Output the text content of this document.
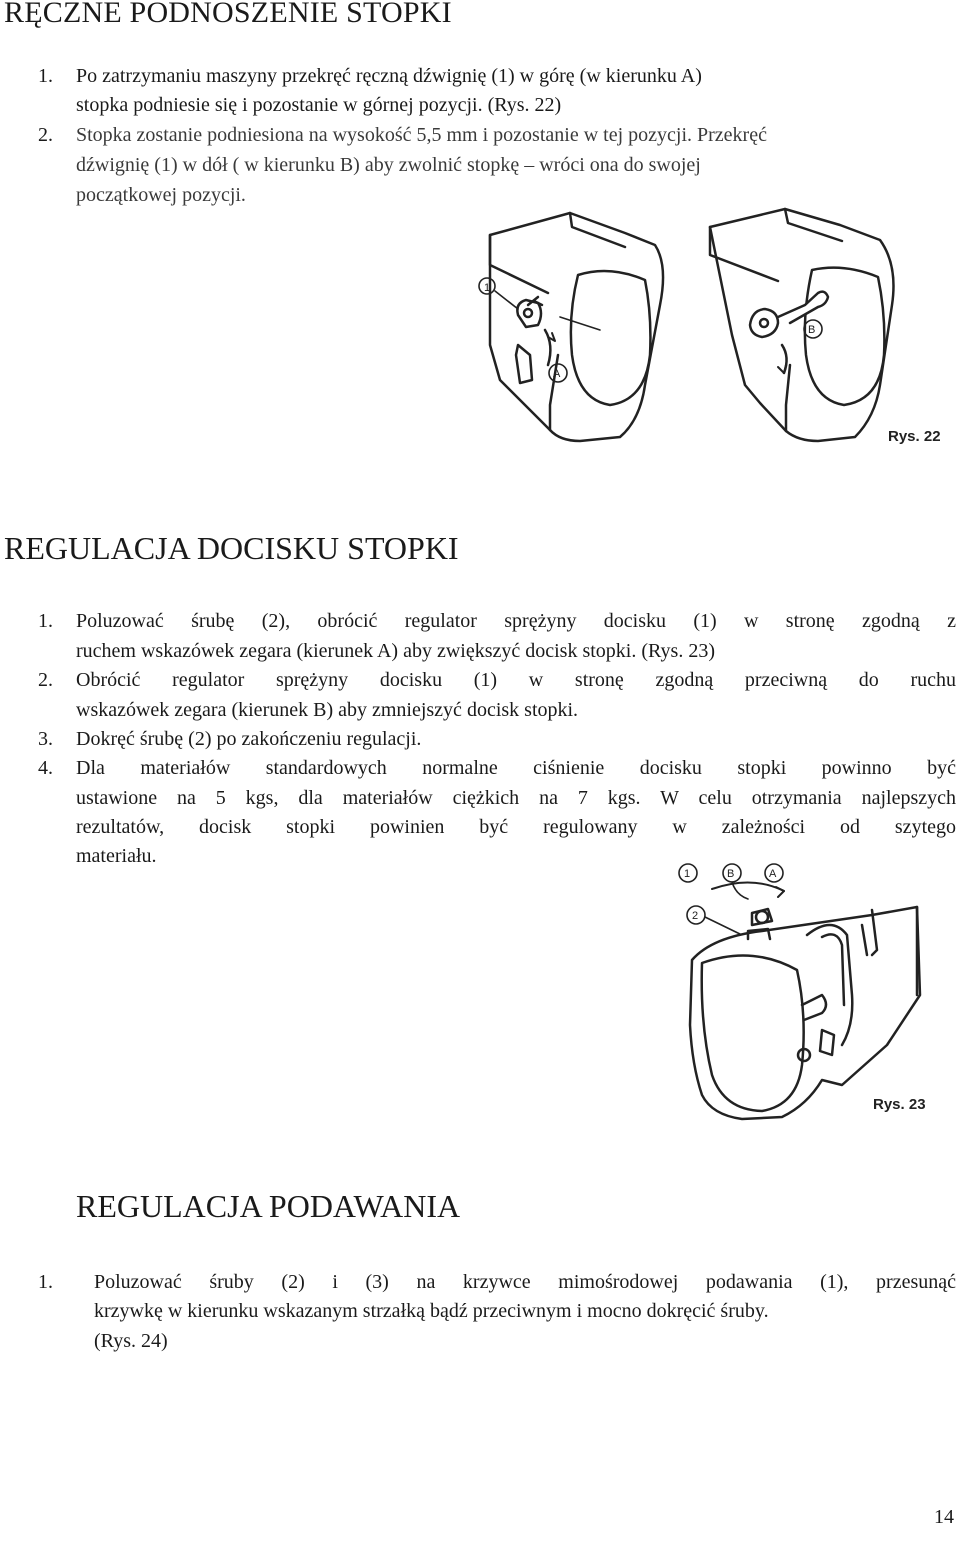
RĘCZNE PODNOSZENIE STOPKI
1. Po zatrzymaniu maszyny przekręć ręczną dźwignię (1) w górę (w kierunku A)
stopka podniesie się i pozostanie w górnej pozycji. (Rys. 22)
2. Stopka zostanie podniesiona na wysokość 5,5 mm i pozostanie w tej pozycji. Przekręć
dźwignię (1) w dół ( w kierunku B) aby zwolnić stopkę – wróci ona do swojej
początkowej pozycji.
1
A
B
Rys. 22
REGULACJA DOCISKU STOPKI
1. Poluzować śrubę (2), obrócić regulator sprężyny docisku (1) w stronę zgodną z
ruchem wskazówek zegara (kierunek A) aby zwiększyć docisk stopki. (Rys. 23)
2. Obrócić regulator sprężyny docisku (1) w stronę zgodną przeciwną do ruchu
wskazówek zegara (kierunek B) aby zmniejszyć docisk stopki.
3. Dokręć śrubę (2) po zakończeniu regulacji.
4. Dla materiałów standardowych normalne ciśnienie docisku stopki powinno być
ustawione na 5 kgs, dla materiałów ciężkich na 7 kgs. W celu otrzymania najlepszych
rezultatów, docisk stopki powinien być regulowany w zależności od szytego
materiału.
1	B	A
2
Rys. 23
REGULACJA PODAWANIA
1. Poluzować śruby (2) i (3) na krzywce mimośrodowej podawania (1), przesunąć
krzywkę w kierunku wskazanym strzałką bądź przeciwnym i mocno dokręcić śruby.
(Rys. 24)
14
